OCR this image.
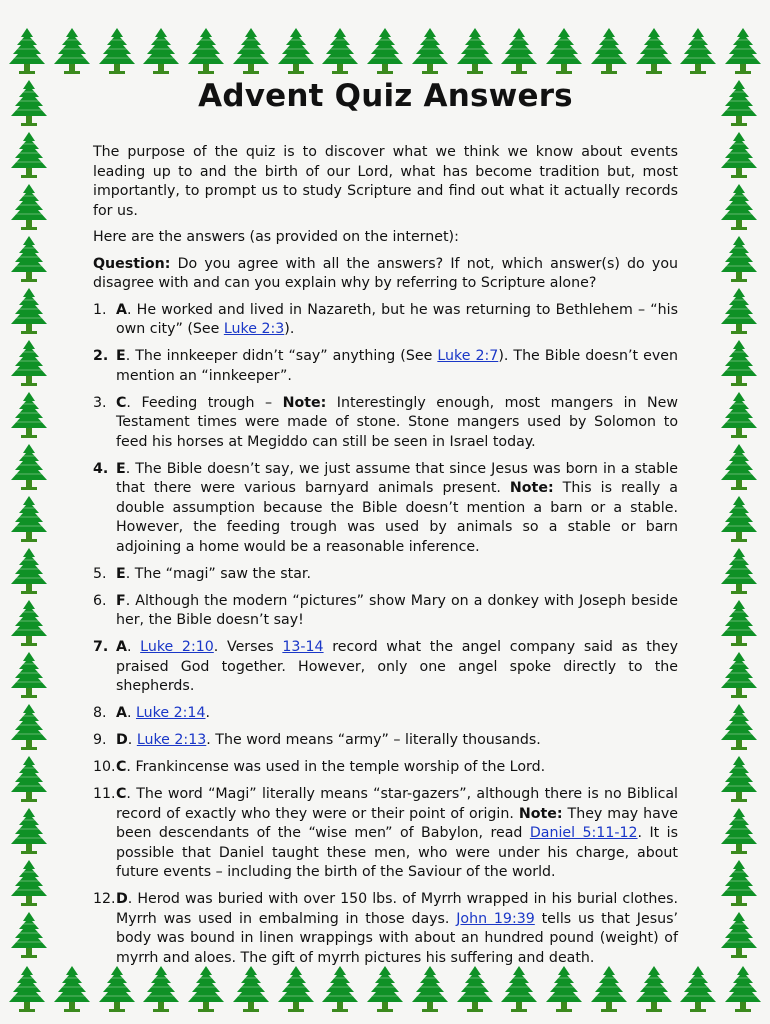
Advent Quiz Answers

The purpose of the quiz is to discover what we think we know about events leading up to and the birth of our Lord, what has become tradition but, most importantly, to prompt us to study Scripture and find out what it actually records for us.

Here are the answers (as provided on the internet):

Question: Do you agree with all the answers? If not, which answer(s) do you disagree with and can you explain why by referring to Scripture alone?

1. A. He worked and lived in Nazareth, but he was returning to Bethlehem – “his own city” (See Luke 2:3).
2. E. The innkeeper didn’t “say” anything (See Luke 2:7). The Bible doesn’t even mention an “innkeeper”.
3. C. Feeding trough – Note: Interestingly enough, most mangers in New Testament times were made of stone. Stone mangers used by Solomon to feed his horses at Megiddo can still be seen in Israel today.
4. E. The Bible doesn’t say, we just assume that since Jesus was born in a stable that there were various barnyard animals present. Note: This is really a double assumption because the Bible doesn’t mention a barn or a stable. However, the feeding trough was used by animals so a stable or barn adjoining a home would be a reasonable inference.
5. E. The “magi” saw the star.
6. F. Although the modern “pictures” show Mary on a donkey with Joseph beside her, the Bible doesn’t say!
7. A. Luke 2:10. Verses 13-14 record what the angel company said as they praised God together. However, only one angel spoke directly to the shepherds.
8. A. Luke 2:14.
9. D. Luke 2:13. The word means “army” – literally thousands.
10. C. Frankincense was used in the temple worship of the Lord.
11. C. The word “Magi” literally means “star-gazers”, although there is no Biblical record of exactly who they were or their point of origin. Note: They may have been descendants of the “wise men” of Babylon, read Daniel 5:11-12. It is possible that Daniel taught these men, who were under his charge, about future events – including the birth of the Saviour of the world.
12. D. Herod was buried with over 150 lbs. of Myrrh wrapped in his burial clothes. Myrrh was used in embalming in those days. John 19:39 tells us that Jesus’ body was bound in linen wrappings with about an hundred pound (weight) of myrrh and aloes. The gift of myrrh pictures his suffering and death.
